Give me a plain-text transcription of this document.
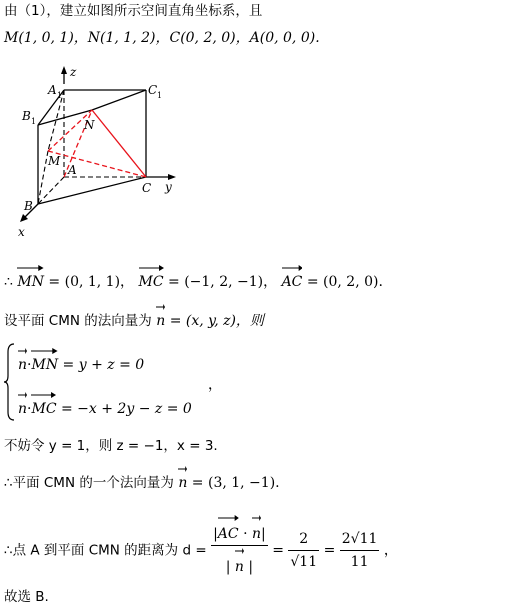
由（1），建立如图所示空间直角坐标系，且
M(1, 0, 1)，N(1, 1, 2)，C(0, 2, 0)，A(0, 0, 0).
z
A 1	C 1
B 1	N
M
A
C y
B
x
∴ MN = (0, 1, 1)， MC = (−1, 2, −1)， AC = (0, 2, 0).
设平面 CMN 的法向量为 n = (x, y, z)，则
n·
MN = y + z = 0
，
n·
MC = −x + 2y − z = 0
不妨令 y = 1，则 z = −1，x = 3.
∴平面 CMN 的一个法向量为 n = (3, 1, −1).
∴点 A 到平面 CMN 的距离为 d = |
AC · n|
| n | = $\frac{2}{√11} = \frac{2√11}{11}$ ，
故选 B.
